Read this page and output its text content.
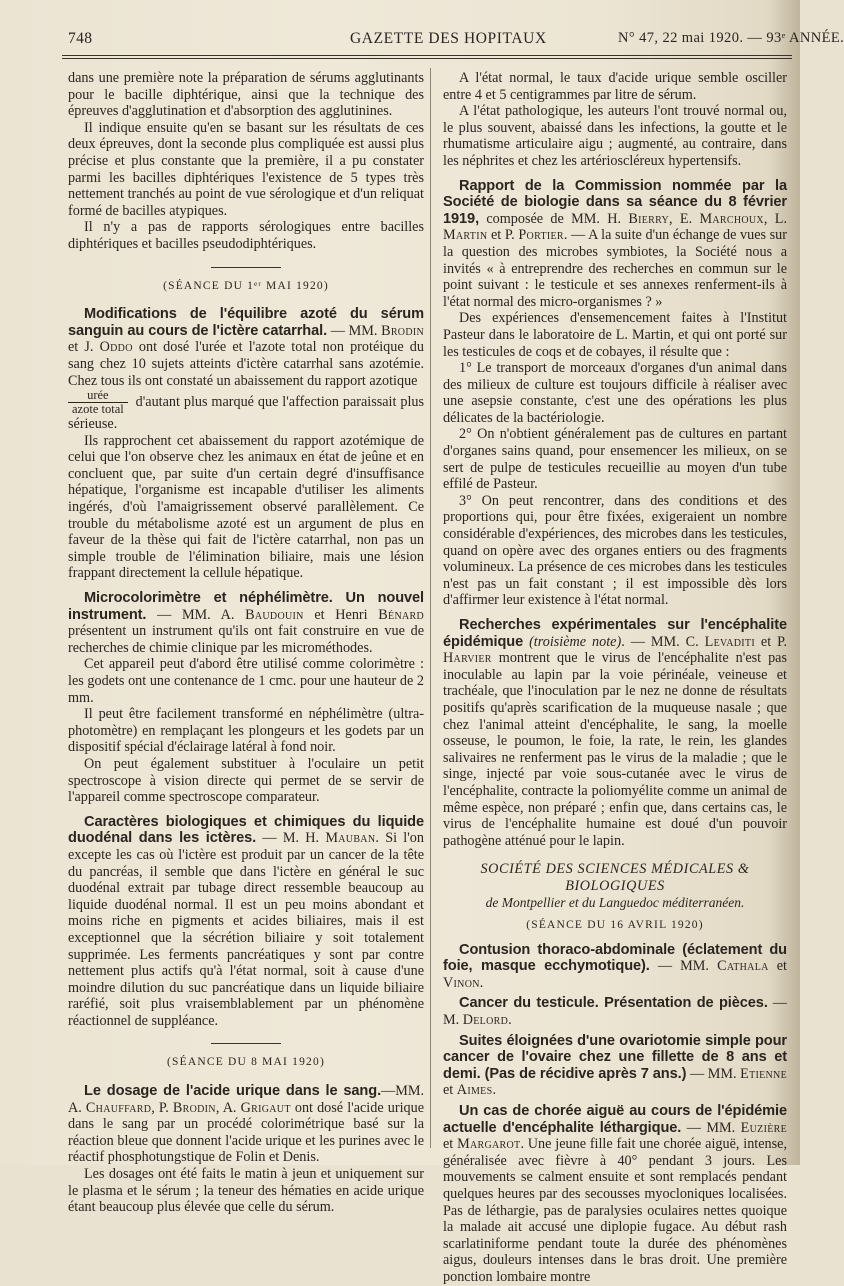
748	GAZETTE DES HOPITAUX	N° 47, 22 mai 1920. — 93ᵉ ANNÉE.

dans une première note la préparation de sérums agglutinants pour le bacille diphtérique, ainsi que la technique des épreuves d'agglutination et d'absorption des agglutinines.

Il indique ensuite qu'en se basant sur les résultats de ces deux épreuves, dont la seconde plus compliquée est aussi plus précise et plus constante que la première, il a pu constater parmi les bacilles diphtériques l'existence de 5 types très nettement tranchés au point de vue sérologique et d'un reliquat formé de bacilles atypiques.

Il n'y a pas de rapports sérologiques entre bacilles diphtériques et bacilles pseudodiphtériques.

(SÉANCE DU 1ᵉʳ MAI 1920)

Modifications de l'équilibre azoté du sérum sanguin au cours de l'ictère catarrhal. — MM. Brodin et J. Oddo ont dosé l'urée et l'azote total non protéique du sang chez 10 sujets atteints d'ictère catarrhal sans azotémie. Chez tous ils ont constaté un abaissement du rapport azotique

$\frac{\text{urée}}{\text{azote total}} d'autant$ plus marqué que l'affection paraissait plus sérieuse.

Ils rapprochent cet abaissement du rapport azotémique de celui que l'on observe chez les animaux en état de jeûne et en concluent que, par suite d'un certain degré d'insuffisance hépatique, l'organisme est incapable d'utiliser les aliments ingérés, d'où l'amaigrissement observé parallèlement. Ce trouble du métabolisme azoté est un argument de plus en faveur de la thèse qui fait de l'ictère catarrhal, non pas un simple trouble de l'élimination biliaire, mais une lésion frappant directement la cellule hépatique.

Microcolorimètre et néphélimètre. Un nouvel instrument. — MM. A. Baudouin et Henri Bénard présentent un instrument qu'ils ont fait construire en vue de recherches de chimie clinique par les microméthodes.

Cet appareil peut d'abord être utilisé comme colorimètre : les godets ont une contenance de 1 cmc. pour une hauteur de 2 mm.

Il peut être facilement transformé en néphélimètre (ultra-photomètre) en remplaçant les plongeurs et les godets par un dispositif spécial d'éclairage latéral à fond noir.

On peut également substituer à l'oculaire un petit spectroscope à vision directe qui permet de se servir de l'appareil comme spectroscope comparateur.

Caractères biologiques et chimiques du liquide duodénal dans les ictères. — M. H. Mauban. Si l'on excepte les cas où l'ictère est produit par un cancer de la tête du pancréas, il semble que dans l'ictère en général le suc duodénal extrait par tubage direct ressemble beaucoup au liquide duodénal normal. Il est un peu moins abondant et moins riche en pigments et acides biliaires, mais il est exceptionnel que la sécrétion biliaire y soit totalement supprimée. Les ferments pancréatiques y sont par contre nettement plus actifs qu'à l'état normal, soit à cause d'une moindre dilution du suc pancréatique dans un liquide biliaire raréfié, soit plus vraisemblablement par un phénomène réactionnel de suppléance.

(SÉANCE DU 8 MAI 1920)

Le dosage de l'acide urique dans le sang.—MM. A. Chauffard, P. Brodin, A. Grigaut ont dosé l'acide urique dans le sang par un procédé colorimétrique basé sur la réaction bleue que donnent l'acide urique et les purines avec le réactif phosphotungstique de Folin et Denis.

Les dosages ont été faits le matin à jeun et uniquement sur le plasma et le sérum ; la teneur des hématies en acide urique étant beaucoup plus élevée que celle du sérum.

A l'état normal, le taux d'acide urique semble osciller entre 4 et 5 centigrammes par litre de sérum.

A l'état pathologique, les auteurs l'ont trouvé normal ou, le plus souvent, abaissé dans les infections, la goutte et le rhumatisme articulaire aigu ; augmenté, au contraire, dans les néphrites et chez les artérioscléreux hypertensifs.

Rapport de la Commission nommée par la Société de biologie dans sa séance du 8 février 1919, composée de MM. H. Bierry, E. Marchoux, L. Martin et P. Portier. — A la suite d'un échange de vues sur la question des microbes symbiotes, la Société nous a invités « à entreprendre des recherches en commun sur le point suivant : le testicule et ses annexes renferment-ils à l'état normal des micro-organismes ? »

Des expériences d'ensemencement faites à l'Institut Pasteur dans le laboratoire de L. Martin, et qui ont porté sur les testicules de coqs et de cobayes, il résulte que :

1° Le transport de morceaux d'organes d'un animal dans des milieux de culture est toujours difficile à réaliser avec une asepsie constante, c'est une des opérations les plus délicates de la bactériologie.

2° On n'obtient généralement pas de cultures en partant d'organes sains quand, pour ensemencer les milieux, on se sert de pulpe de testicules recueillie au moyen d'un tube effilé de Pasteur.

3° On peut rencontrer, dans des conditions et des proportions qui, pour être fixées, exigeraient un nombre considérable d'expériences, des microbes dans les testicules, quand on opère avec des organes entiers ou des fragments volumineux. La présence de ces microbes dans les testicules n'est pas un fait constant ; il est impossible dès lors d'affirmer leur existence à l'état normal.

Recherches expérimentales sur l'encéphalite épidémique (troisième note). — MM. C. Levaditi et P. Harvier montrent que le virus de l'encéphalite n'est pas inoculable au lapin par la voie périnéale, veineuse et trachéale, que l'inoculation par le nez ne donne de résultats positifs qu'après scarification de la muqueuse nasale ; que chez l'animal atteint d'encéphalite, le sang, la moelle osseuse, le poumon, le foie, la rate, le rein, les glandes salivaires ne renferment pas le virus de la maladie ; que le singe, injecté par voie sous-cutanée avec le virus de l'encéphalite, contracte la poliomyélite comme un animal de même espèce, non préparé ; enfin que, dans certains cas, le virus de l'encéphalite humaine est doué d'un pouvoir pathogène atténué pour le lapin.

SOCIÉTÉ DES SCIENCES MÉDICALES & BIOLOGIQUES

de Montpellier et du Languedoc méditerranéen.

(SÉANCE DU 16 AVRIL 1920)

Contusion thoraco-abdominale (éclatement du foie, masque ecchymotique). — MM. Cathala et Vinon.

Cancer du testicule. Présentation de pièces. — M. Delord.

Suites éloignées d'une ovariotomie simple pour cancer de l'ovaire chez une fillette de 8 ans et demi. (Pas de récidive après 7 ans.) — MM. Etienne et Aimes.

Un cas de chorée aiguë au cours de l'épidémie actuelle d'encéphalite léthargique. — MM. Euzière et Margarot. Une jeune fille fait une chorée aiguë, intense, généralisée avec fièvre à 40° pendant 3 jours. Les mouvements se calment ensuite et sont remplacés pendant quelques heures par des secousses myocloniques localisées. Pas de léthargie, pas de paralysies oculaires nettes quoique la malade ait accusé une diplopie fugace. Au début rash scarlatiniforme pendant toute la durée des phénomènes aigus, douleurs intenses dans le bras droit. Une première ponction lombaire montre
